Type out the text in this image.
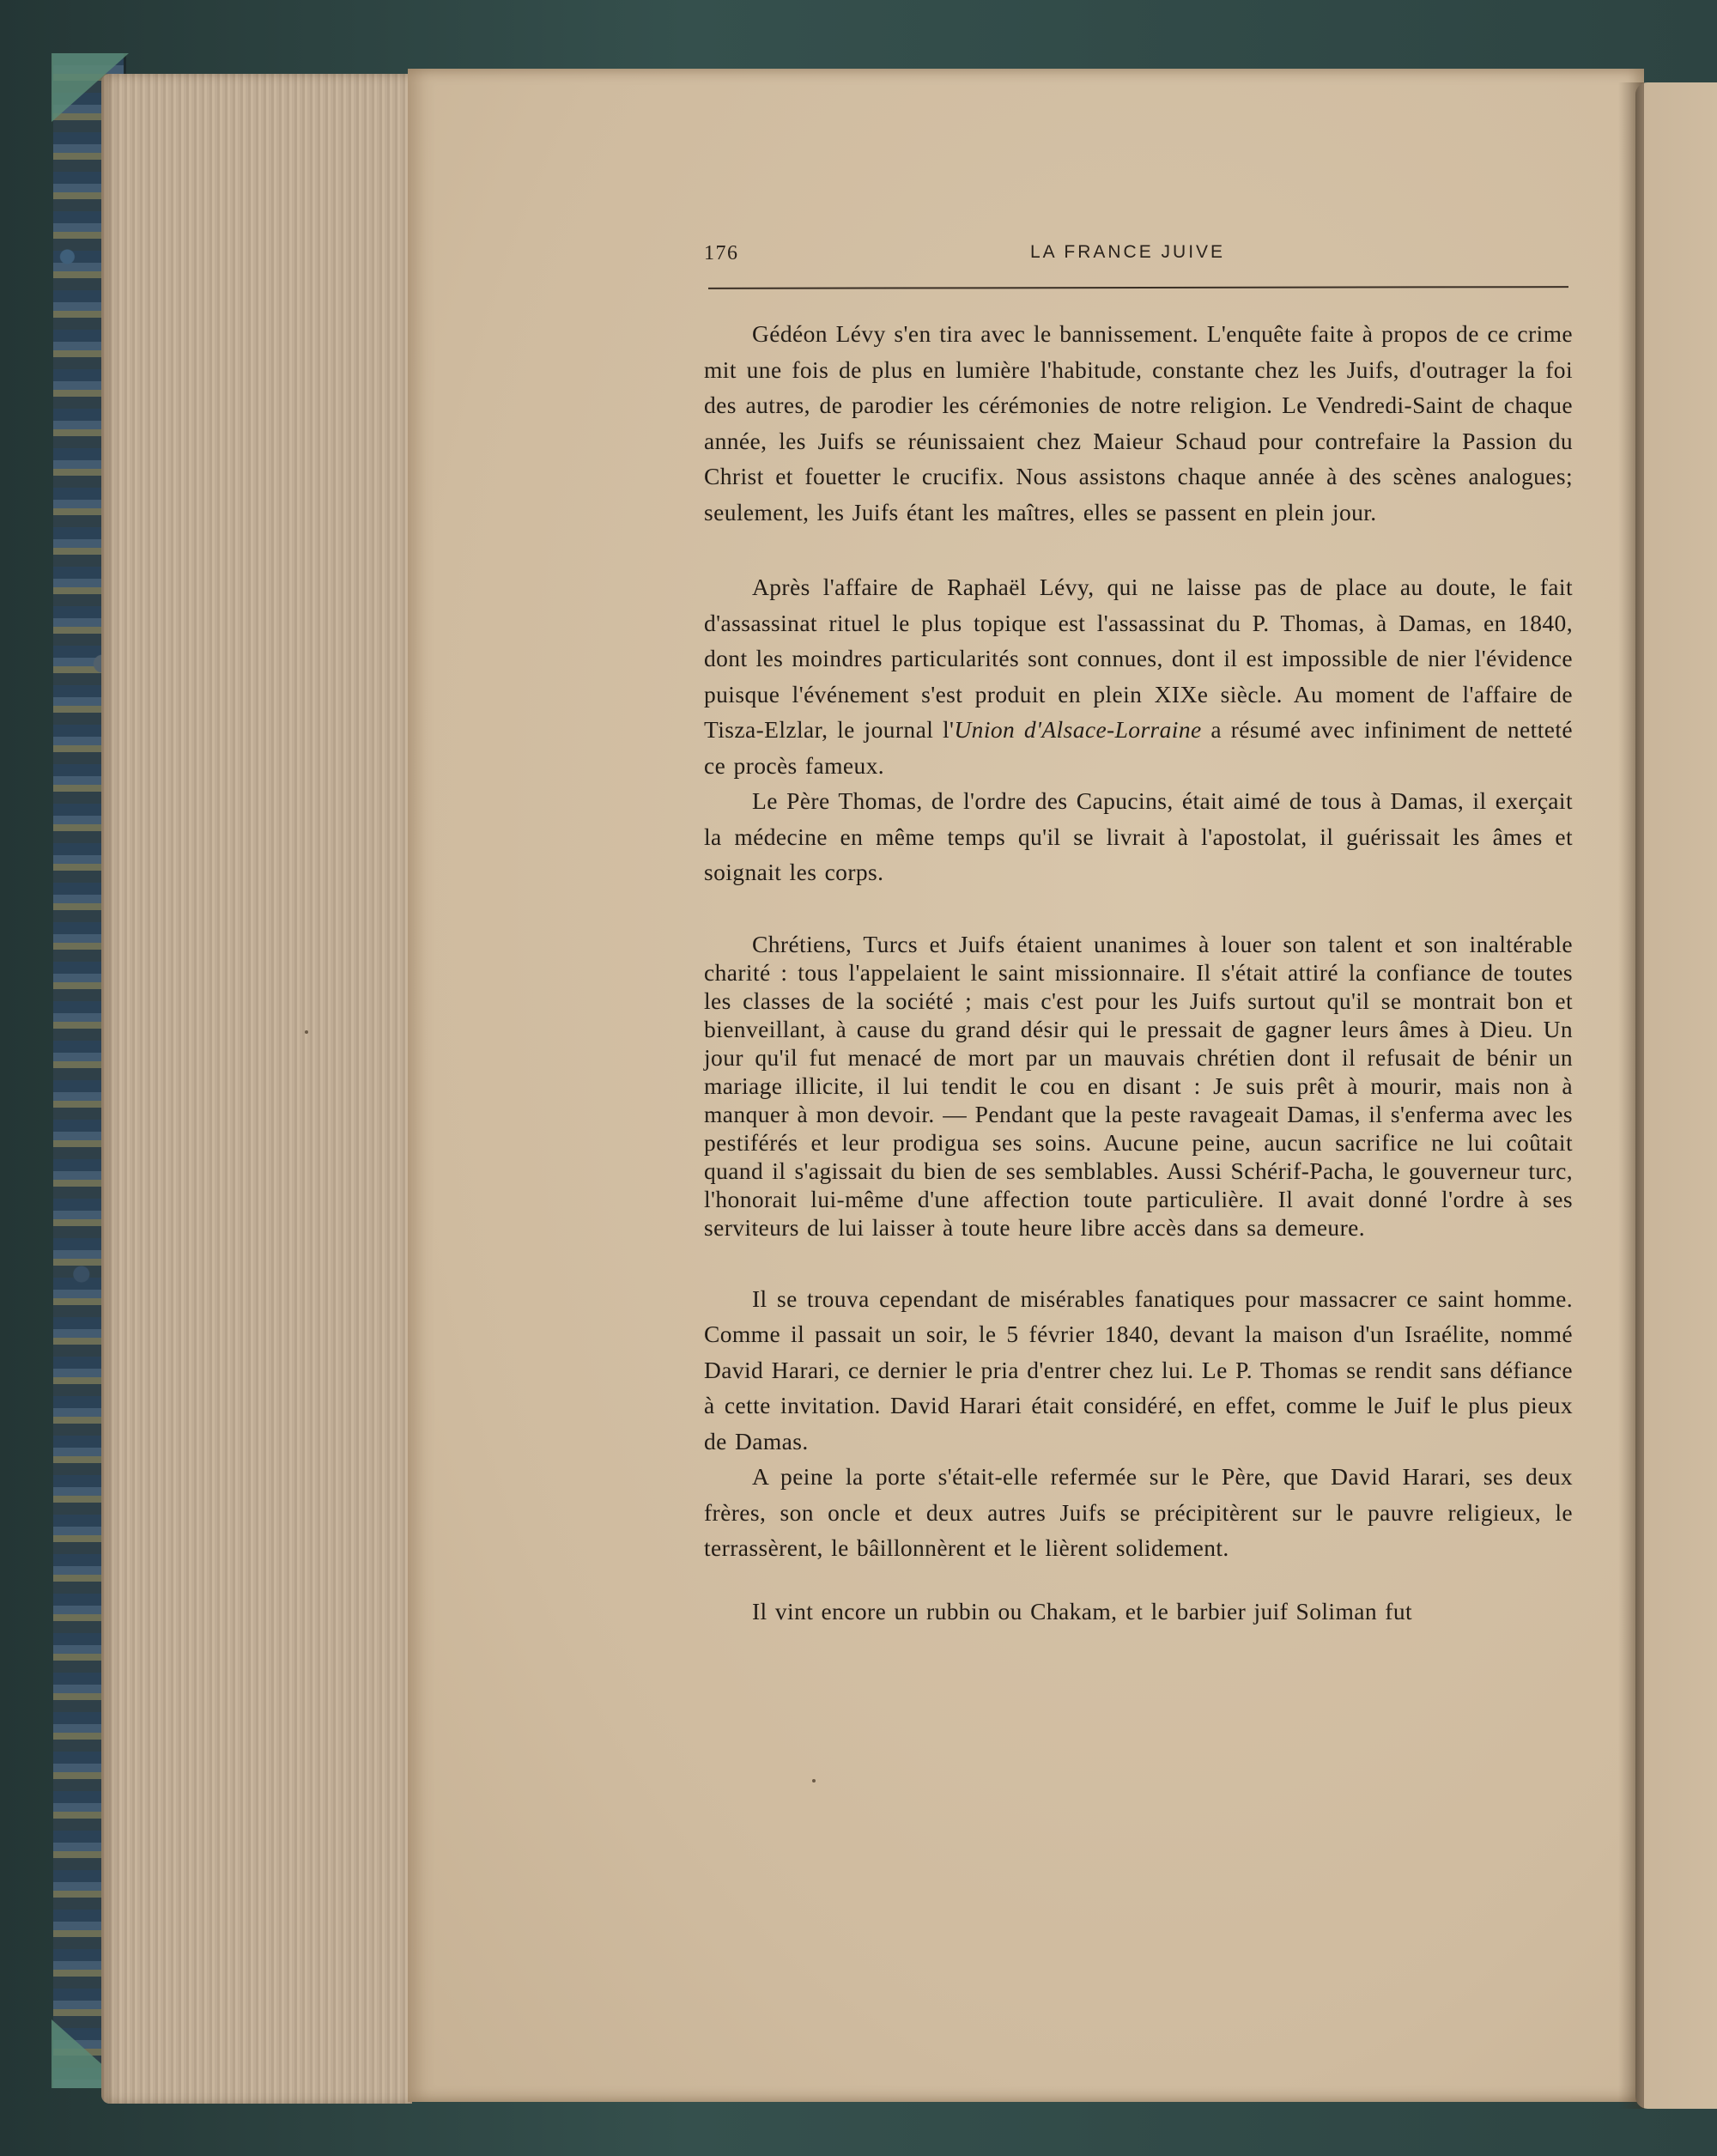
176	LA FRANCE JUIVE

Gédéon Lévy s'en tira avec le bannissement. L'enquête faite à propos de ce crime mit une fois de plus en lumière l'habitude, constante chez les Juifs, d'outrager la foi des autres, de parodier les cérémonies de notre religion. Le Vendredi-Saint de chaque année, les Juifs se réunissaient chez Maieur Schaud pour contrefaire la Passion du Christ et fouetter le crucifix. Nous assistons chaque année à des scènes analogues; seulement, les Juifs étant les maîtres, elles se passent en plein jour.

Après l'affaire de Raphaël Lévy, qui ne laisse pas de place au doute, le fait d'assassinat rituel le plus topique est l'assassinat du P. Thomas, à Damas, en 1840, dont les moindres particularités sont connues, dont il est impossible de nier l'évidence puisque l'événement s'est produit en plein XIXe siècle. Au moment de l'affaire de Tisza-Elzlar, le journal l'Union d'Alsace-Lorraine a résumé avec infiniment de netteté ce procès fameux.

Le Père Thomas, de l'ordre des Capucins, était aimé de tous à Damas, il exerçait la médecine en même temps qu'il se livrait à l'apostolat, il guérissait les âmes et soignait les corps.

Chrétiens, Turcs et Juifs étaient unanimes à louer son talent et son inaltérable charité : tous l'appelaient le saint missionnaire. Il s'était attiré la confiance de toutes les classes de la société ; mais c'est pour les Juifs surtout qu'il se montrait bon et bienveillant, à cause du grand désir qui le pressait de gagner leurs âmes à Dieu. Un jour qu'il fut menacé de mort par un mauvais chrétien dont il refusait de bénir un mariage illicite, il lui tendit le cou en disant : Je suis prêt à mourir, mais non à manquer à mon devoir. — Pendant que la peste ravageait Damas, il s'enferma avec les pestiférés et leur prodigua ses soins. Aucune peine, aucun sacrifice ne lui coûtait quand il s'agissait du bien de ses semblables. Aussi Schérif-Pacha, le gouverneur turc, l'honorait lui-même d'une affection toute particulière. Il avait donné l'ordre à ses serviteurs de lui laisser à toute heure libre accès dans sa demeure.

Il se trouva cependant de misérables fanatiques pour massacrer ce saint homme. Comme il passait un soir, le 5 février 1840, devant la maison d'un Israélite, nommé David Harari, ce dernier le pria d'entrer chez lui. Le P. Thomas se rendit sans défiance à cette invitation. David Harari était considéré, en effet, comme le Juif le plus pieux de Damas.

A peine la porte s'était-elle refermée sur le Père, que David Harari, ses deux frères, son oncle et deux autres Juifs se précipitèrent sur le pauvre religieux, le terrassèrent, le bâillonnèrent et le lièrent solidement.

Il vint encore un rubbin ou Chakam, et le barbier juif Soliman fut
